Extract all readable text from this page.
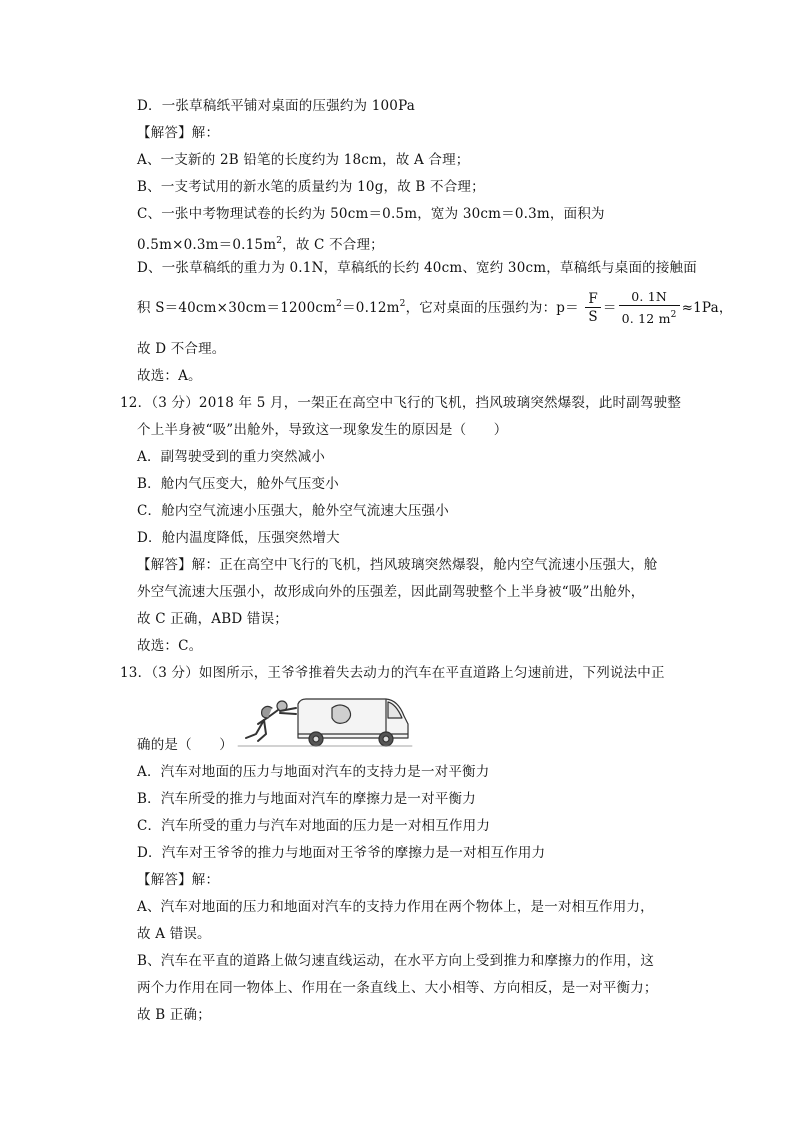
D．一张草稿纸平铺对桌面的压强约为 100Pa
【解答】解：
A、一支新的 2B 铅笔的长度约为 18cm，故 A 合理；
B、一支考试用的新水笔的质量约为 10g，故 B 不合理；
C、一张中考物理试卷的长约为 50cm＝0.5m，宽为 30cm＝0.3m，面积为
$0.5m\times 0.3m=0.15m^2$，故 C 不合理；
D、一张草稿纸的重力为 0.1N，草稿纸的长约 40cm、宽约 30cm，草稿纸与桌面的接触面
积 $S=40cm\times 30cm=1200cm^2=0.12m^2$，它对桌面的压强约为：$p= \frac{F}{S} = \frac{0. 1N}{0. 12 m^2} \approx 1Pa$，
故 D 不合理。
故选：A。
12．（3 分）2018 年 5 月，一架正在高空中飞行的飞机，挡风玻璃突然爆裂，此时副驾驶整
个上半身被“吸”出舱外，导致这一现象发生的原因是（　　）
A．副驾驶受到的重力突然减小
B．舱内气压变大，舱外气压变小
C．舱内空气流速小压强大，舱外空气流速大压强小
D．舱内温度降低，压强突然增大
【解答】解：正在高空中飞行的飞机，挡风玻璃突然爆裂，舱内空气流速小压强大，舱
外空气流速大压强小，故形成向外的压强差，因此副驾驶整个上半身被“吸”出舱外，
故 C 正确，ABD 错误；
故选：C。
13．（3 分）如图所示，王爷爷推着失去动力的汽车在平直道路上匀速前进，下列说法中正
确的是（　　）
A．汽车对地面的压力与地面对汽车的支持力是一对平衡力
B．汽车所受的推力与地面对汽车的摩擦力是一对平衡力
C．汽车所受的重力与汽车对地面的压力是一对相互作用力
D．汽车对王爷爷的推力与地面对王爷爷的摩擦力是一对相互作用力
【解答】解：
A、汽车对地面的压力和地面对汽车的支持力作用在两个物体上，是一对相互作用力，
故 A 错误。
B、汽车在平直的道路上做匀速直线运动，在水平方向上受到推力和摩擦力的作用，这
两个力作用在同一物体上、作用在一条直线上、大小相等、方向相反，是一对平衡力；
故 B 正确；
